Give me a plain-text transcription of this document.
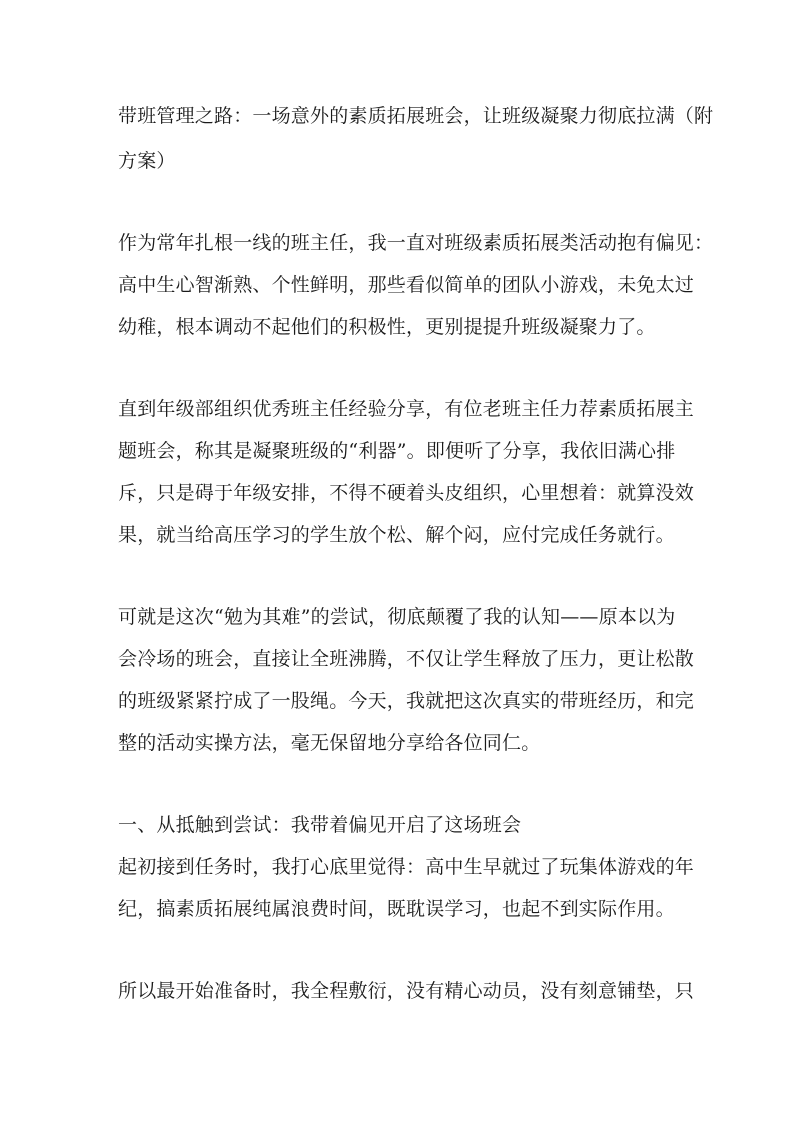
带班管理之路：一场意外的素质拓展班会，让班级凝聚力彻底拉满（附
方案）
作为常年扎根一线的班主任，我一直对班级素质拓展类活动抱有偏见：
高中生心智渐熟、个性鲜明，那些看似简单的团队小游戏，未免太过
幼稚，根本调动不起他们的积极性，更别提提升班级凝聚力了。
直到年级部组织优秀班主任经验分享，有位老班主任力荐素质拓展主
题班会，称其是凝聚班级的“利器”。即便听了分享，我依旧满心排
斥，只是碍于年级安排，不得不硬着头皮组织，心里想着：就算没效
果，就当给高压学习的学生放个松、解个闷，应付完成任务就行。
可就是这次“勉为其难”的尝试，彻底颠覆了我的认知——原本以为
会冷场的班会，直接让全班沸腾，不仅让学生释放了压力，更让松散
的班级紧紧拧成了一股绳。今天，我就把这次真实的带班经历，和完
整的活动实操方法，毫无保留地分享给各位同仁。
一、从抵触到尝试：我带着偏见开启了这场班会
起初接到任务时，我打心底里觉得：高中生早就过了玩集体游戏的年
纪，搞素质拓展纯属浪费时间，既耽误学习，也起不到实际作用。
所以最开始准备时，我全程敷衍，没有精心动员，没有刻意铺垫，只
